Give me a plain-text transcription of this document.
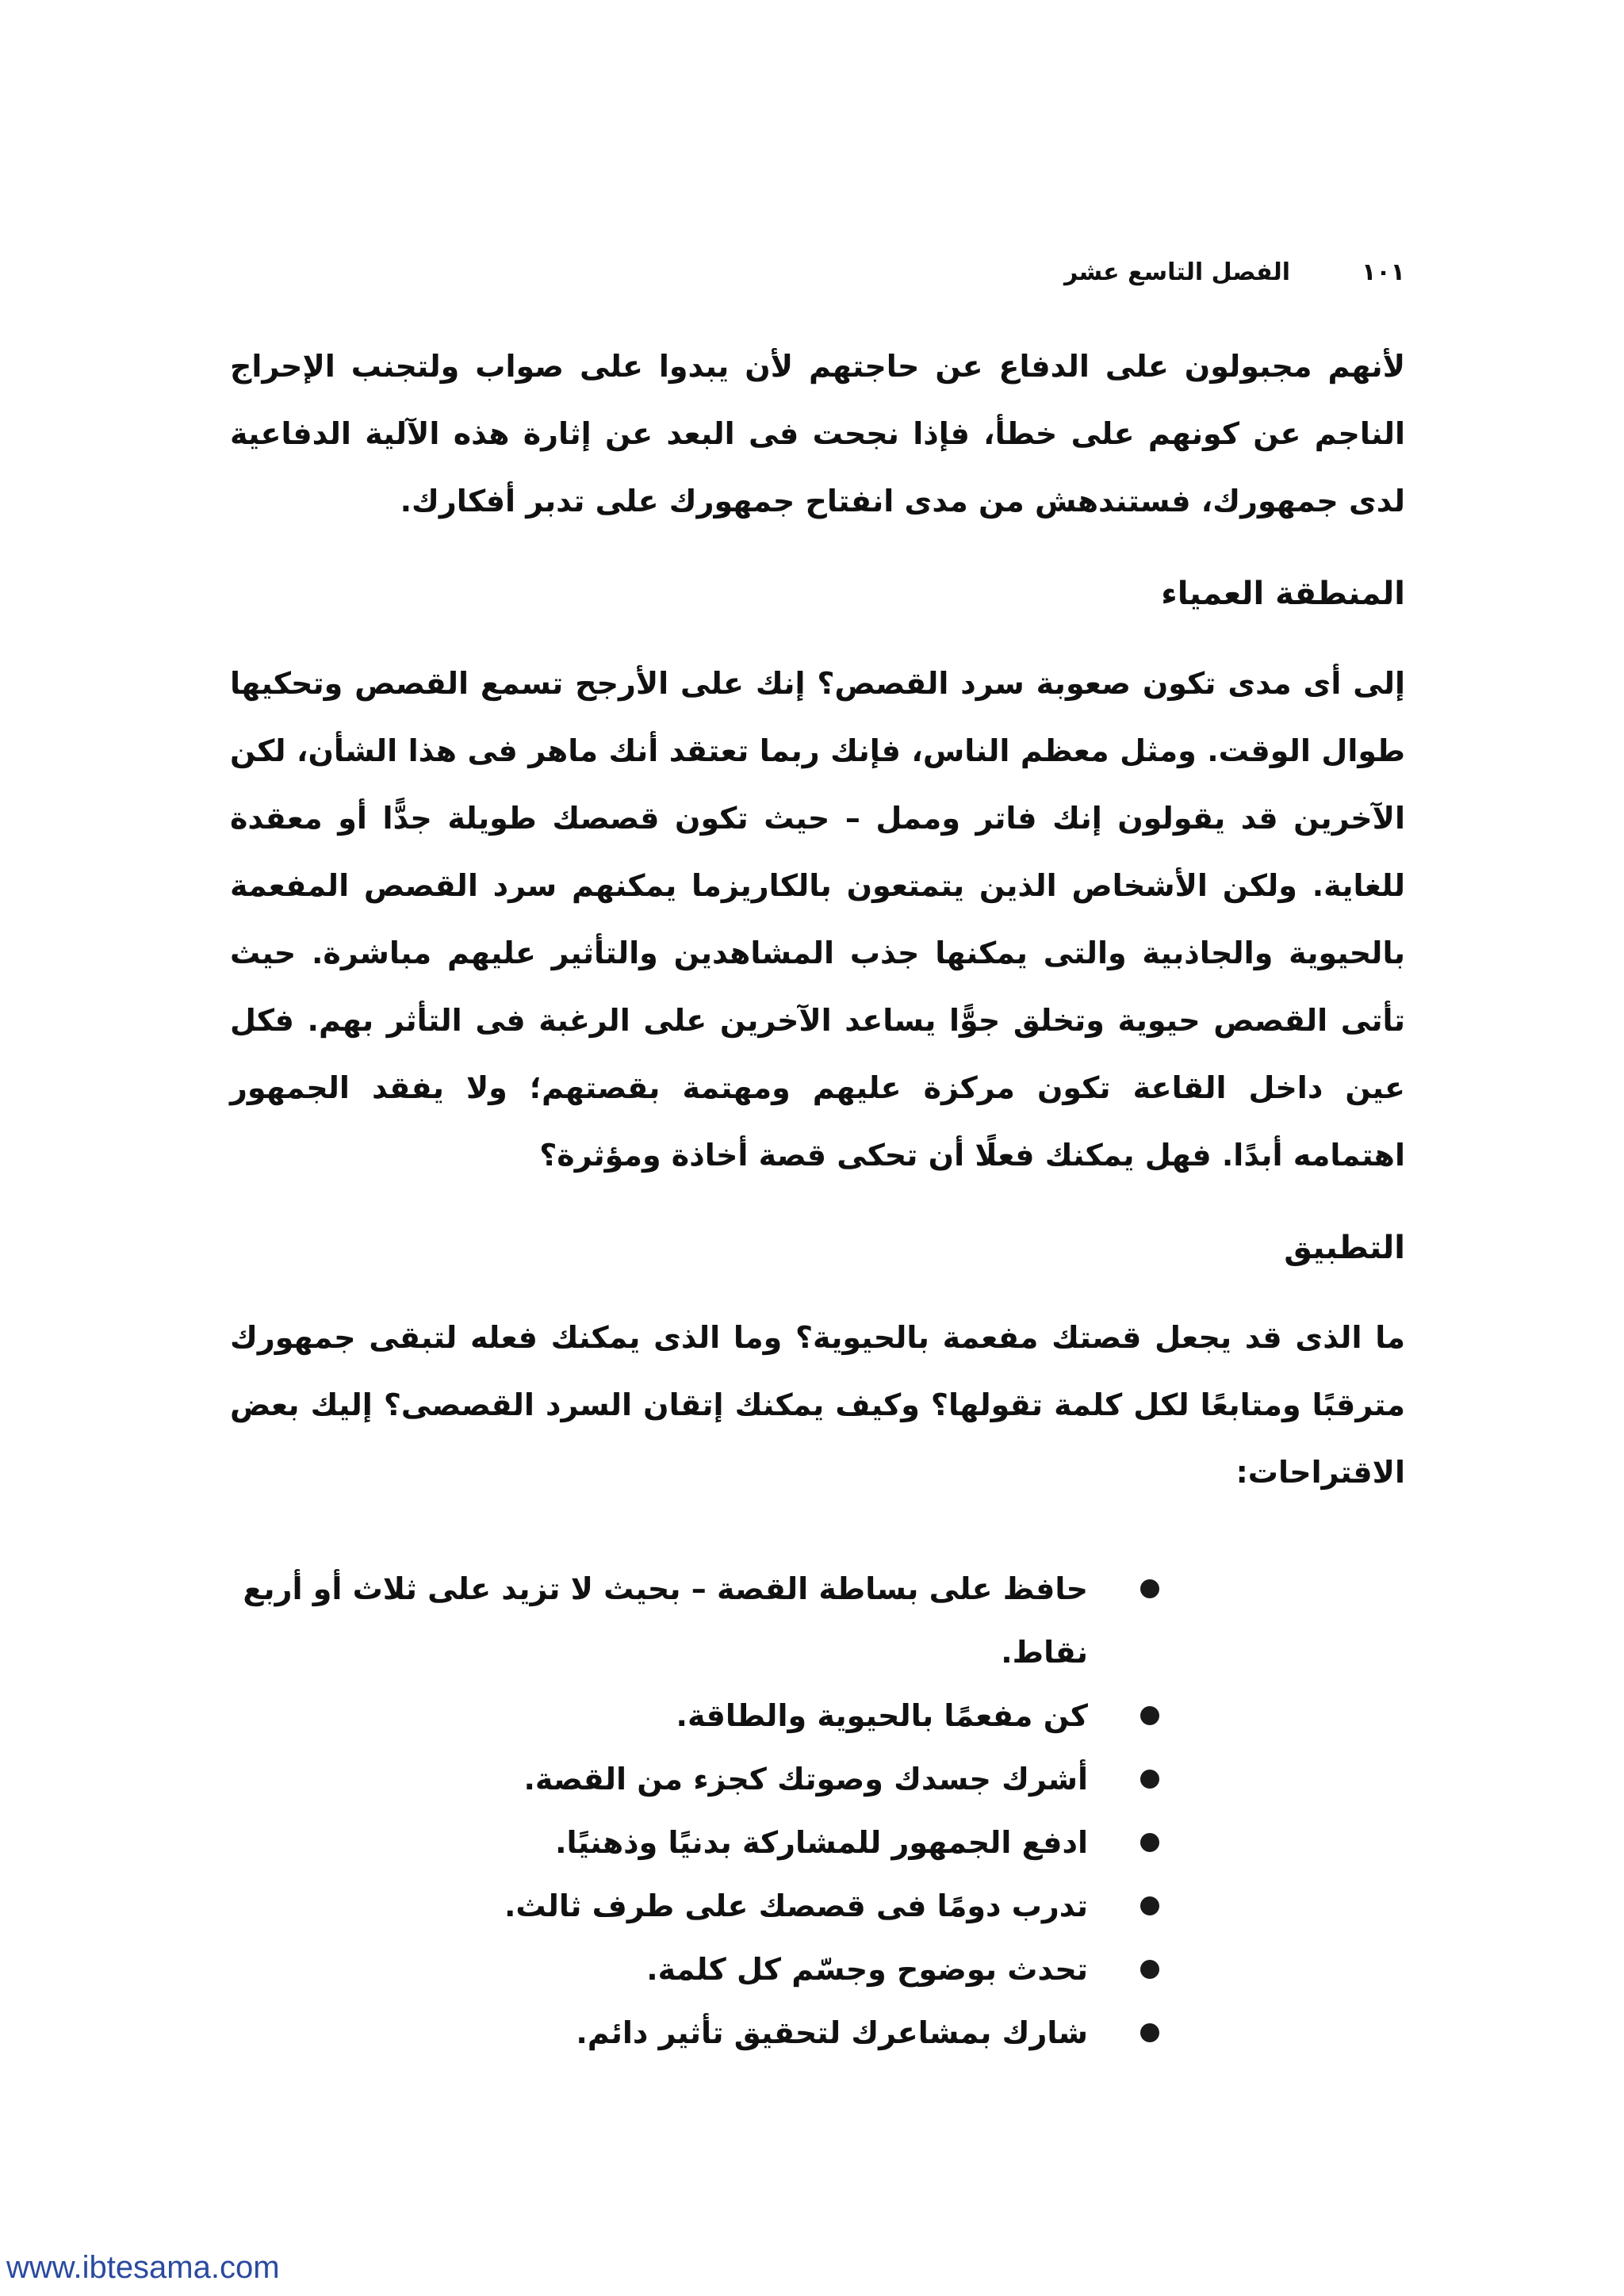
١٠١
الفصل التاسع عشر

لأنهم مجبولون على الدفاع عن حاجتهم لأن يبدوا على صواب ولتجنب الإحراج الناجم عن كونهم على خطأ، فإذا نجحت فى البعد عن إثارة هذه الآلية الدفاعية لدى جمهورك، فستندهش من مدى انفتاح جمهورك على تدبر أفكارك.

المنطقة العمياء

إلى أى مدى تكون صعوبة سرد القصص؟ إنك على الأرجح تسمع القصص وتحكيها طوال الوقت. ومثل معظم الناس، فإنك ربما تعتقد أنك ماهر فى هذا الشأن، لكن الآخرين قد يقولون إنك فاتر وممل – حيث تكون قصصك طويلة جدًّا أو معقدة للغاية. ولكن الأشخاص الذين يتمتعون بالكاريزما يمكنهم سرد القصص المفعمة بالحيوية والجاذبية والتى يمكنها جذب المشاهدين والتأثير عليهم مباشرة. حيث تأتى القصص حيوية وتخلق جوًّا يساعد الآخرين على الرغبة فى التأثر بهم. فكل عين داخل القاعة تكون مركزة عليهم ومهتمة بقصتهم؛ ولا يفقد الجمهور اهتمامه أبدًا. فهل يمكنك فعلًا أن تحكى قصة أخاذة ومؤثرة؟

التطبيق

ما الذى قد يجعل قصتك مفعمة بالحيوية؟ وما الذى يمكنك فعله لتبقى جمهورك مترقبًا ومتابعًا لكل كلمة تقولها؟ وكيف يمكنك إتقان السرد القصصى؟ إليك بعض الاقتراحات:

حافظ على بساطة القصة – بحيث لا تزيد على ثلاث أو أربع نقاط.
كن مفعمًا بالحيوية والطاقة.
أشرك جسدك وصوتك كجزء من القصة.
ادفع الجمهور للمشاركة بدنيًا وذهنيًا.
تدرب دومًا فى قصصك على طرف ثالث.
تحدث بوضوح وجسّم كل كلمة.
شارك بمشاعرك لتحقيق تأثير دائم.
www.ibtesama.com
